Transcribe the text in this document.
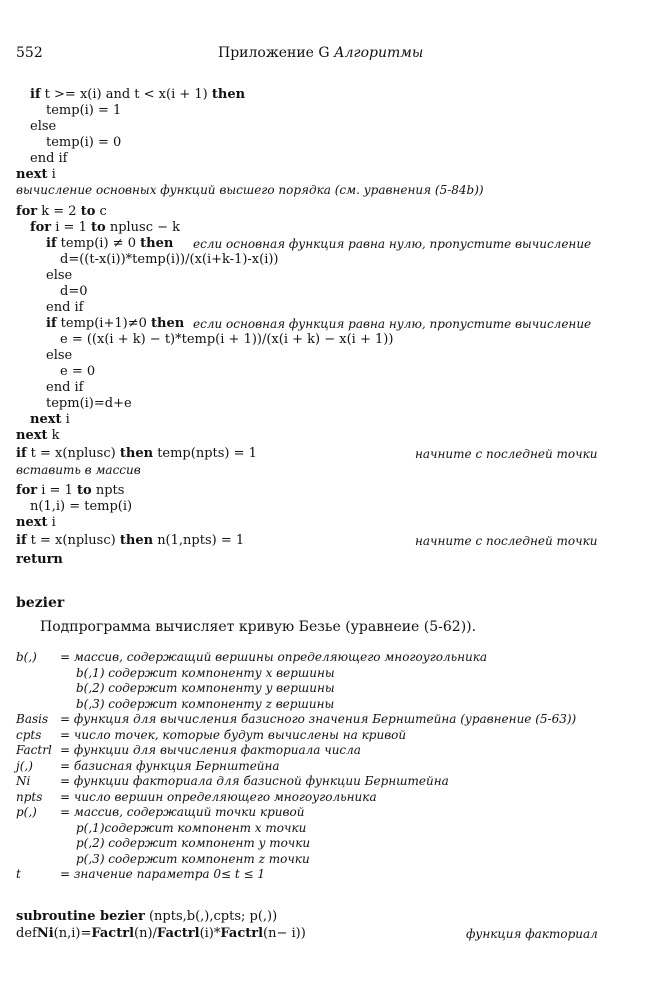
552	Приложение G Алгоритмы
if t >= x(i) and t < x(i + 1) then
temp(i) = 1
else
temp(i) = 0
end if
next i
вычисление основных функций высшего порядка (см. уравнения (5-84b))
for k = 2 to c
for i = 1 to nplusc − k
if temp(i) ≠ 0 then если основная функция равна нулю, пропустите вычисление
d=((t-x(i))*temp(i))/(x(i+k-1)-x(i))
else
d=0
end if
if temp(i+1)≠0 then если основная функция равна нулю, пропустите вычисление
e = ((x(i + k) − t)*temp(i + 1))/(x(i + k) − x(i + 1))
else
e = 0
end if
tepm(i)=d+e
next i
next k
if t = x(nplusc) then temp(npts) = 1	начните с последней точки
вставить в массив
for i = 1 to npts
n(1,i) = temp(i)
next i
if t = x(nplusc) then n(1,npts) = 1	начните с последней точки
return
bezier
Подпрограмма вычисляет кривую Безье (уравнеие (5-62)).
b(,) = массив, содержащий вершины определяющего многоугольника
b(,1) содержит компоненту x вершины
b(,2) содержит компоненту y вершины
b(,3) содержит компоненту z вершины
Basis = функция для вычисления базисного значения Бернштейна (уравнение (5-63))
cpts = число точек, которые будут вычислены на кривой
Factrl = функции для вычисления факториала числа
j(,) = базисная функция Бернштейна
Ni = функции факториала для базисной функции Бернштейна
npts = число вершин определяющего многоугольника
p(,) = массив, содержащий точки кривой
p(,1)содержит компонент x точки
p(,2) содержит компонент y точки
p(,3) содержит компонент z точки
t	= значение параметра 0≤ t ≤ 1
subroutine bezier (npts,b(,),cpts; p(,))
defNi(n,i)=Factrl(n)/Factrl(i)*Factrl(n− i))	функция факториал
